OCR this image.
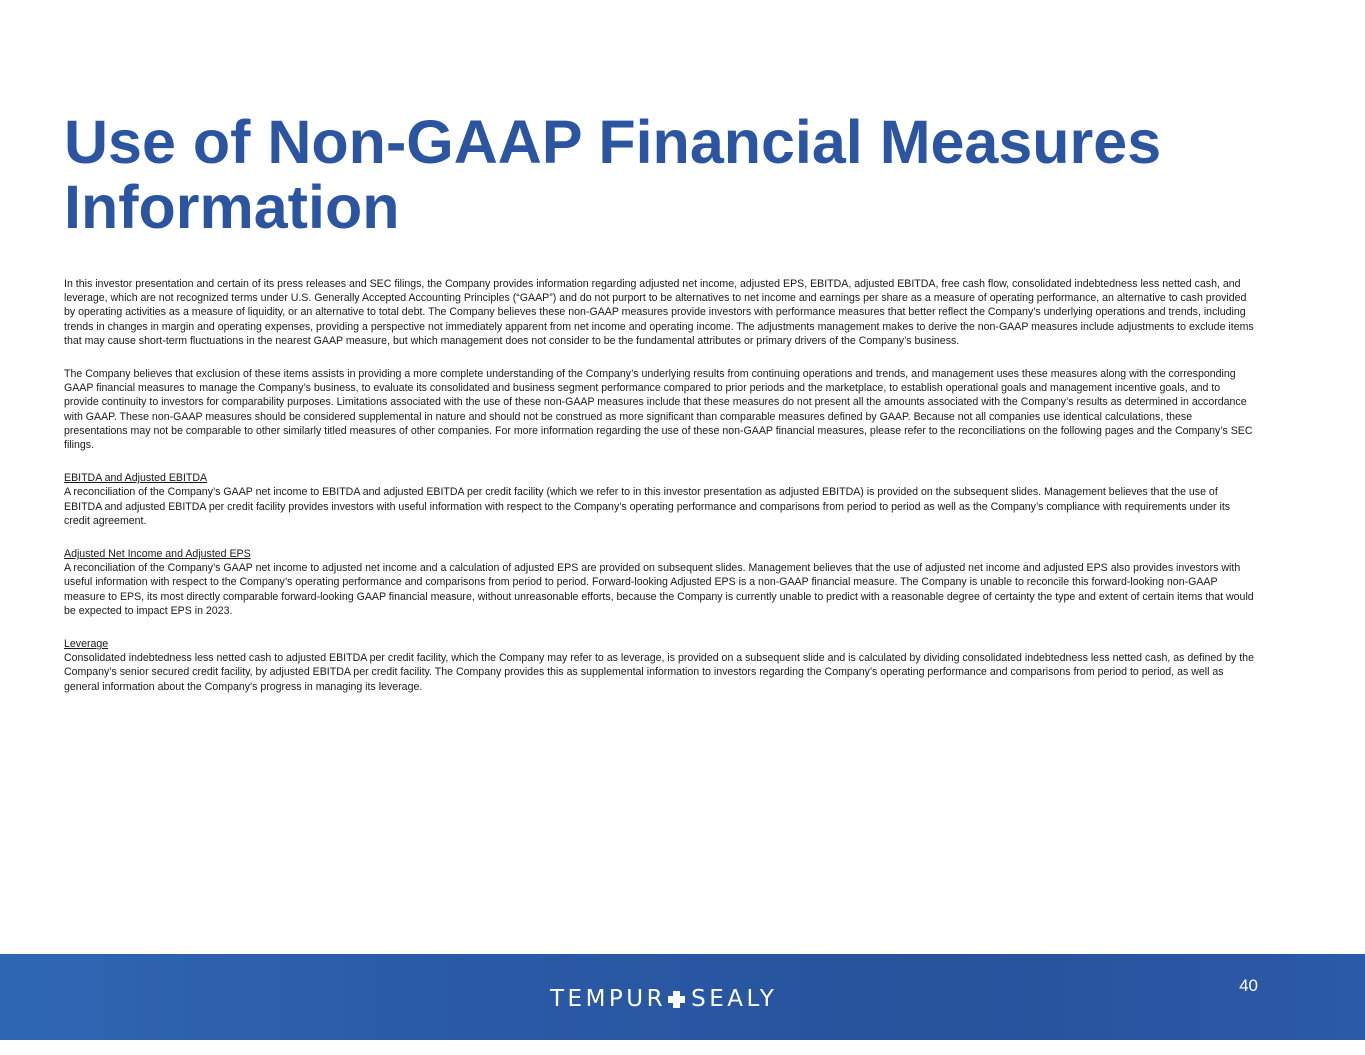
Use of Non-GAAP Financial Measures
Information

In this investor presentation and certain of its press releases and SEC filings, the Company provides information regarding adjusted net income, adjusted EPS, EBITDA, adjusted EBITDA, free cash flow, consolidated indebtedness less netted cash, and leverage, which are not recognized terms under U.S. Generally Accepted Accounting Principles (“GAAP”) and do not purport to be alternatives to net income and earnings per share as a measure of operating performance, an alternative to cash provided by operating activities as a measure of liquidity, or an alternative to total debt. The Company believes these non-GAAP measures provide investors with performance measures that better reflect the Company’s underlying operations and trends, including trends in changes in margin and operating expenses, providing a perspective not immediately apparent from net income and operating income. The adjustments management makes to derive the non-GAAP measures include adjustments to exclude items that may cause short-term fluctuations in the nearest GAAP measure, but which management does not consider to be the fundamental attributes or primary drivers of the Company’s business.

The Company believes that exclusion of these items assists in providing a more complete understanding of the Company’s underlying results from continuing operations and trends, and management uses these measures along with the corresponding GAAP financial measures to manage the Company’s business, to evaluate its consolidated and business segment performance compared to prior periods and the marketplace, to establish operational goals and management incentive goals, and to provide continuity to investors for comparability purposes. Limitations associated with the use of these non-GAAP measures include that these measures do not present all the amounts associated with the Company’s results as determined in accordance with GAAP. These non-GAAP measures should be considered supplemental in nature and should not be construed as more significant than comparable measures defined by GAAP. Because not all companies use identical calculations, these presentations may not be comparable to other similarly titled measures of other companies. For more information regarding the use of these non-GAAP financial measures, please refer to the reconciliations on the following pages and the Company’s SEC filings.

EBITDA and Adjusted EBITDA
A reconciliation of the Company’s GAAP net income to EBITDA and adjusted EBITDA per credit facility (which we refer to in this investor presentation as adjusted EBITDA) is provided on the subsequent slides. Management believes that the use of EBITDA and adjusted EBITDA per credit facility provides investors with useful information with respect to the Company’s operating performance and comparisons from period to period as well as the Company’s compliance with requirements under its credit agreement.
Adjusted Net Income and Adjusted EPS
A reconciliation of the Company’s GAAP net income to adjusted net income and a calculation of adjusted EPS are provided on subsequent slides. Management believes that the use of adjusted net income and adjusted EPS also provides investors with useful information with respect to the Company’s operating performance and comparisons from period to period. Forward-looking Adjusted EPS is a non-GAAP financial measure. The Company is unable to reconcile this forward-looking non-GAAP measure to EPS, its most directly comparable forward-looking GAAP financial measure, without unreasonable efforts, because the Company is currently unable to predict with a reasonable degree of certainty the type and extent of certain items that would be expected to impact EPS in 2023.
Leverage
Consolidated indebtedness less netted cash to adjusted EBITDA per credit facility, which the Company may refer to as leverage, is provided on a subsequent slide and is calculated by dividing consolidated indebtedness less netted cash, as defined by the Company’s senior secured credit facility, by adjusted EBITDA per credit facility. The Company provides this as supplemental information to investors regarding the Company’s operating performance and comparisons from period to period, as well as general information about the Company's progress in managing its leverage.
TEMPUR SEALY
40
